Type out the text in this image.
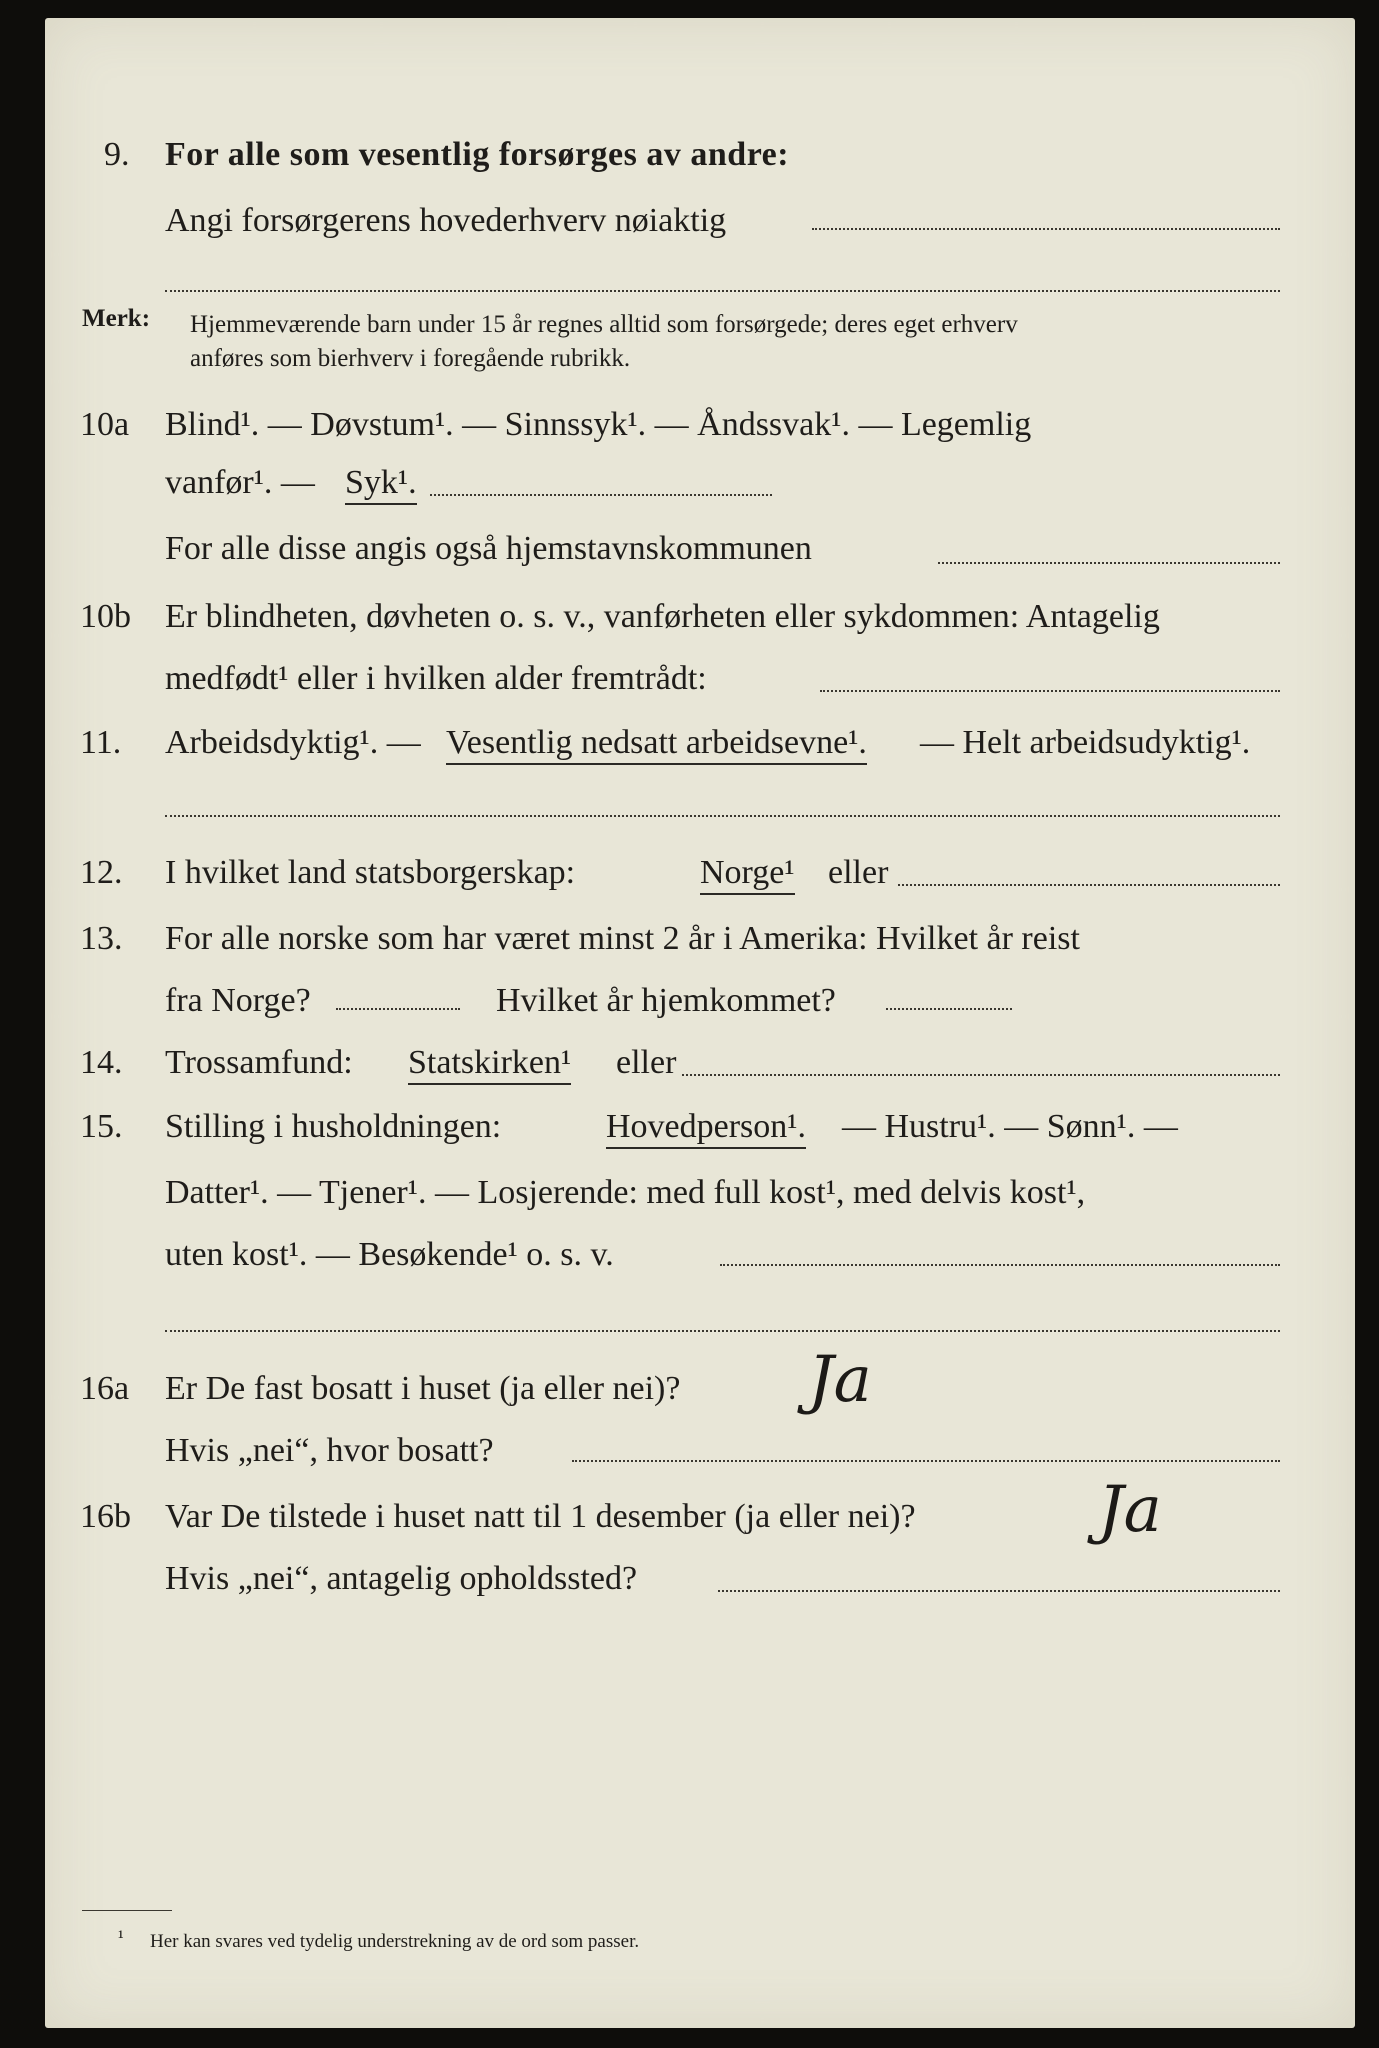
9. For alle som vesentlig forsørges av andre:
Angi forsørgerens hovederhverv nøiaktig
Merk: Hjemmeværende barn under 15 år regnes alltid som forsørgede; deres eget erhverv
anføres som bierhverv i foregående rubrikk.
10a Blind¹. — Døvstum¹. — Sinnssyk¹. — Åndssvak¹. — Legemlig
vanfør¹. — Syk¹.
For alle disse angis også hjemstavnskommunen
10b Er blindheten, døvheten o. s. v., vanførheten eller sykdommen: Antagelig
medfødt¹ eller i hvilken alder fremtrådt:
11. Arbeidsdyktig¹. — Vesentlig nedsatt arbeidsevne¹. — Helt arbeidsudyktig¹.
12. I hvilket land statsborgerskap:	Norge¹ eller
13. For alle norske som har været minst 2 år i Amerika: Hvilket år reist
fra Norge?	Hvilket år hjemkommet?
14. Trossamfund: Statskirken¹ eller
15. Stilling i husholdningen:	Hovedperson¹. — Hustru¹. — Sønn¹. —
Datter¹. — Tjener¹. — Losjerende: med full kost¹, med delvis kost¹,
uten kost¹. — Besøkende¹ o. s. v.
16a Er De fast bosatt i huset (ja eller nei)? Ja
Hvis „nei“, hvor bosatt?
16b Var De tilstede i huset natt til 1 desember (ja eller nei)?	Ja
Hvis „nei“, antagelig opholdssted?
¹ Her kan svares ved tydelig understrekning av de ord som passer.
